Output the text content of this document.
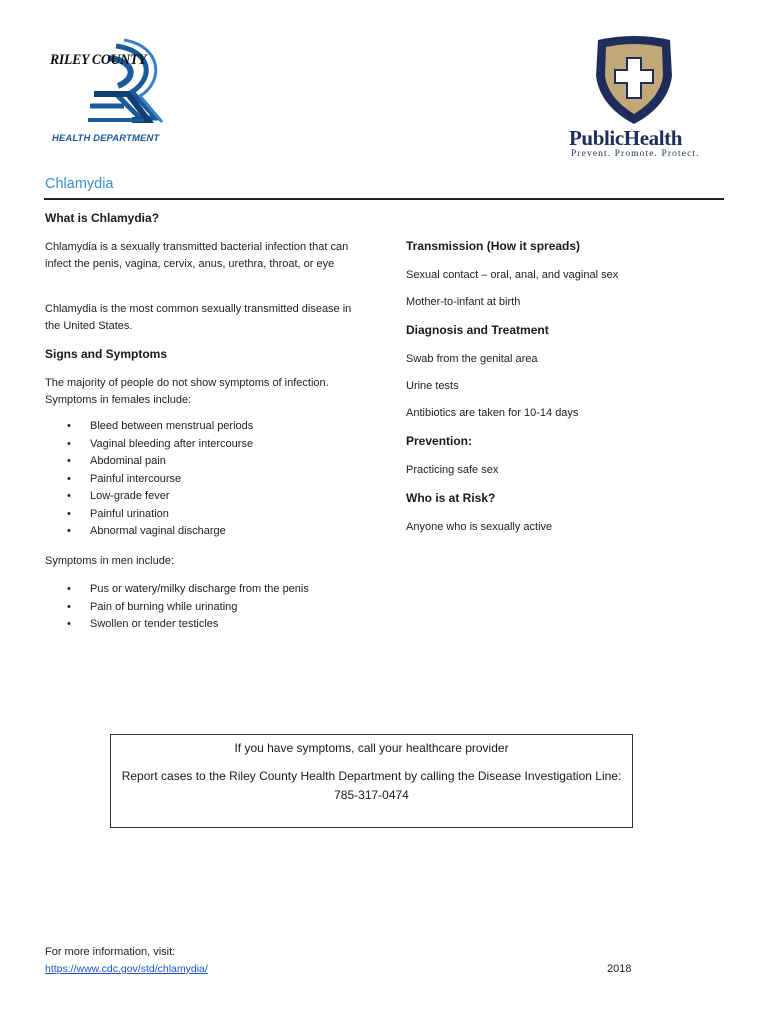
RILEY COUNTY
HEALTH DEPARTMENT	PublicHealth
Prevent. Promote. Protect.
Chlamydia
What is Chlamydia?
Chlamydia is a sexually transmitted bacterial infection that can infect the penis, vagina, cervix, anus, urethra, throat, or eye
Chlamydia is the most common sexually transmitted disease in the United States.
Signs and Symptoms
The majority of people do not show symptoms of infection. Symptoms in females include:
• Bleed between menstrual periods
• Vaginal bleeding after intercourse
• Abdominal pain
• Painful intercourse
• Low-grade fever
• Painful urination
• Abnormal vaginal discharge
Symptoms in men include:
• Pus or watery/milky discharge from the penis
• Pain of burning while urinating
• Swollen or tender testicles
Transmission (How it spreads)
Sexual contact – oral, anal, and vaginal sex
Mother-to-infant at birth
Diagnosis and Treatment
Swab from the genital area
Urine tests
Antibiotics are taken for 10-14 days
Prevention:
Practicing safe sex
Who is at Risk?
Anyone who is sexually active
If you have symptoms, call your healthcare provider
Report cases to the Riley County Health Department by calling the Disease Investigation Line: 785-317-0474
For more information, visit:
https://www.cdc.gov/std/chlamydia/	2018
